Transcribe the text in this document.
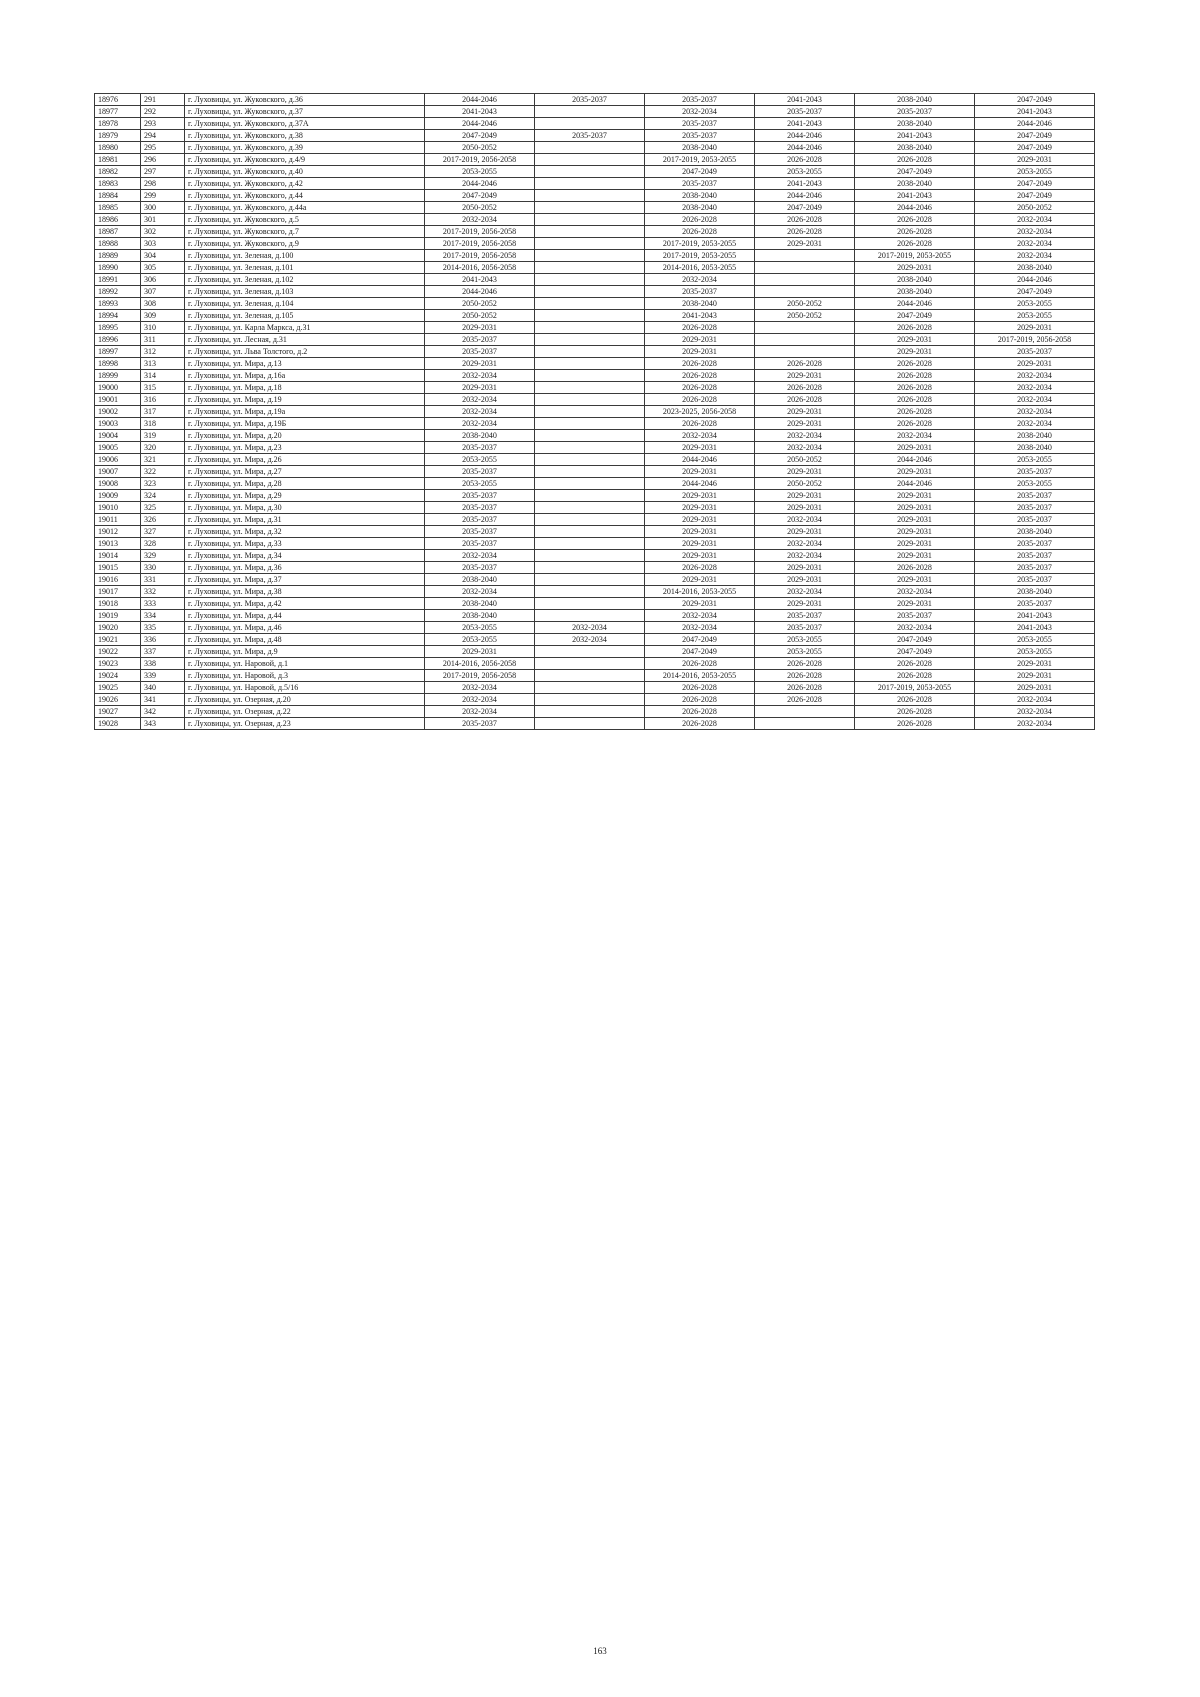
18976	291	г. Луховицы, ул. Жуковского, д.36	2044-2046	2035-2037	2035-2037	2041-2043	2038-2040	2047-2049
18977	292	г. Луховицы, ул. Жуковского, д.37	2041-2043		2032-2034	2035-2037	2035-2037	2041-2043
18978	293	г. Луховицы, ул. Жуковского, д.37А	2044-2046		2035-2037	2041-2043	2038-2040	2044-2046
18979	294	г. Луховицы, ул. Жуковского, д.38	2047-2049	2035-2037	2035-2037	2044-2046	2041-2043	2047-2049
18980	295	г. Луховицы, ул. Жуковского, д.39	2050-2052		2038-2040	2044-2046	2038-2040	2047-2049
18981	296	г. Луховицы, ул. Жуковского, д.4/9	2017-2019, 2056-2058		2017-2019, 2053-2055	2026-2028	2026-2028	2029-2031
18982	297	г. Луховицы, ул. Жуковского, д.40	2053-2055		2047-2049	2053-2055	2047-2049	2053-2055
18983	298	г. Луховицы, ул. Жуковского, д.42	2044-2046		2035-2037	2041-2043	2038-2040	2047-2049
18984	299	г. Луховицы, ул. Жуковского, д.44	2047-2049		2038-2040	2044-2046	2041-2043	2047-2049
18985	300	г. Луховицы, ул. Жуковского, д.44а	2050-2052		2038-2040	2047-2049	2044-2046	2050-2052
18986	301	г. Луховицы, ул. Жуковского, д.5	2032-2034		2026-2028	2026-2028	2026-2028	2032-2034
18987	302	г. Луховицы, ул. Жуковского, д.7	2017-2019, 2056-2058		2026-2028	2026-2028	2026-2028	2032-2034
18988	303	г. Луховицы, ул. Жуковского, д.9	2017-2019, 2056-2058		2017-2019, 2053-2055	2029-2031	2026-2028	2032-2034
18989	304	г. Луховицы, ул. Зеленая, д.100	2017-2019, 2056-2058		2017-2019, 2053-2055		2017-2019, 2053-2055	2032-2034
18990	305	г. Луховицы, ул. Зеленая, д.101	2014-2016, 2056-2058		2014-2016, 2053-2055		2029-2031	2038-2040
18991	306	г. Луховицы, ул. Зеленая, д.102	2041-2043		2032-2034		2038-2040	2044-2046
18992	307	г. Луховицы, ул. Зеленая, д.103	2044-2046		2035-2037		2038-2040	2047-2049
18993	308	г. Луховицы, ул. Зеленая, д.104	2050-2052		2038-2040	2050-2052	2044-2046	2053-2055
18994	309	г. Луховицы, ул. Зеленая, д.105	2050-2052		2041-2043	2050-2052	2047-2049	2053-2055
18995	310	г. Луховицы, ул. Карла Маркса, д.31	2029-2031		2026-2028		2026-2028	2029-2031
18996	311	г. Луховицы, ул. Лесная, д.31	2035-2037		2029-2031		2029-2031	2017-2019, 2056-2058
18997	312	г. Луховицы, ул. Льва Толстого, д.2	2035-2037		2029-2031		2029-2031	2035-2037
18998	313	г. Луховицы, ул. Мира, д.13	2029-2031		2026-2028	2026-2028	2026-2028	2029-2031
18999	314	г. Луховицы, ул. Мира, д.16а	2032-2034		2026-2028	2029-2031	2026-2028	2032-2034
19000	315	г. Луховицы, ул. Мира, д.18	2029-2031		2026-2028	2026-2028	2026-2028	2032-2034
19001	316	г. Луховицы, ул. Мира, д.19	2032-2034		2026-2028	2026-2028	2026-2028	2032-2034
19002	317	г. Луховицы, ул. Мира, д.19а	2032-2034		2023-2025, 2056-2058	2029-2031	2026-2028	2032-2034
19003	318	г. Луховицы, ул. Мира, д.19Б	2032-2034		2026-2028	2029-2031	2026-2028	2032-2034
19004	319	г. Луховицы, ул. Мира, д.20	2038-2040		2032-2034	2032-2034	2032-2034	2038-2040
19005	320	г. Луховицы, ул. Мира, д.23	2035-2037		2029-2031	2032-2034	2029-2031	2038-2040
19006	321	г. Луховицы, ул. Мира, д.26	2053-2055		2044-2046	2050-2052	2044-2046	2053-2055
19007	322	г. Луховицы, ул. Мира, д.27	2035-2037		2029-2031	2029-2031	2029-2031	2035-2037
19008	323	г. Луховицы, ул. Мира, д.28	2053-2055		2044-2046	2050-2052	2044-2046	2053-2055
19009	324	г. Луховицы, ул. Мира, д.29	2035-2037		2029-2031	2029-2031	2029-2031	2035-2037
19010	325	г. Луховицы, ул. Мира, д.30	2035-2037		2029-2031	2029-2031	2029-2031	2035-2037
19011	326	г. Луховицы, ул. Мира, д.31	2035-2037		2029-2031	2032-2034	2029-2031	2035-2037
19012	327	г. Луховицы, ул. Мира, д.32	2035-2037		2029-2031	2029-2031	2029-2031	2038-2040
19013	328	г. Луховицы, ул. Мира, д.33	2035-2037		2029-2031	2032-2034	2029-2031	2035-2037
19014	329	г. Луховицы, ул. Мира, д.34	2032-2034		2029-2031	2032-2034	2029-2031	2035-2037
19015	330	г. Луховицы, ул. Мира, д.36	2035-2037		2026-2028	2029-2031	2026-2028	2035-2037
19016	331	г. Луховицы, ул. Мира, д.37	2038-2040		2029-2031	2029-2031	2029-2031	2035-2037
19017	332	г. Луховицы, ул. Мира, д.38	2032-2034		2014-2016, 2053-2055	2032-2034	2032-2034	2038-2040
19018	333	г. Луховицы, ул. Мира, д.42	2038-2040		2029-2031	2029-2031	2029-2031	2035-2037
19019	334	г. Луховицы, ул. Мира, д.44	2038-2040		2032-2034	2035-2037	2035-2037	2041-2043
19020	335	г. Луховицы, ул. Мира, д.46	2053-2055	2032-2034	2032-2034	2035-2037	2032-2034	2041-2043
19021	336	г. Луховицы, ул. Мира, д.48	2053-2055	2032-2034	2047-2049	2053-2055	2047-2049	2053-2055
19022	337	г. Луховицы, ул. Мира, д.9	2029-2031		2047-2049	2053-2055	2047-2049	2053-2055
19023	338	г. Луховицы, ул. Наровой, д.1	2014-2016, 2056-2058		2026-2028	2026-2028	2026-2028	2029-2031
19024	339	г. Луховицы, ул. Наровой, д.3	2017-2019, 2056-2058		2014-2016, 2053-2055	2026-2028	2026-2028	2029-2031
19025	340	г. Луховицы, ул. Наровой, д.5/16	2032-2034		2026-2028	2026-2028	2017-2019, 2053-2055	2029-2031
19026	341	г. Луховицы, ул. Озерная, д.20	2032-2034		2026-2028	2026-2028	2026-2028	2032-2034
19027	342	г. Луховицы, ул. Озерная, д.22	2032-2034		2026-2028		2026-2028	2032-2034
19028	343	г. Луховицы, ул. Озерная, д.23	2035-2037		2026-2028		2026-2028	2032-2034
163
